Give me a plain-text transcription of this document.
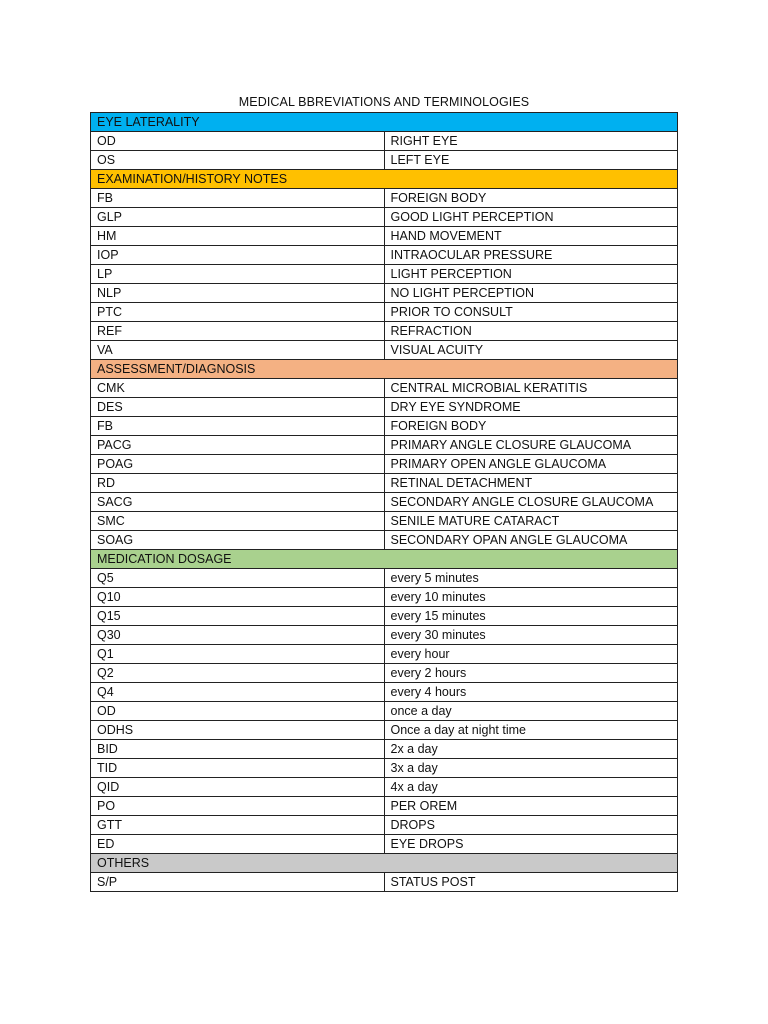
MEDICAL BBREVIATIONS AND TERMINOLOGIES
EYE LATERALITY	
OD	RIGHT EYE
OS	LEFT EYE
EXAMINATION/HISTORY NOTES	
FB	FOREIGN BODY
GLP	GOOD LIGHT PERCEPTION
HM	HAND MOVEMENT
IOP	INTRAOCULAR PRESSURE
LP	LIGHT PERCEPTION
NLP	NO LIGHT PERCEPTION
PTC	PRIOR TO CONSULT
REF	REFRACTION
VA	VISUAL ACUITY
ASSESSMENT/DIAGNOSIS	
CMK	CENTRAL MICROBIAL KERATITIS
DES	DRY EYE SYNDROME
FB	FOREIGN BODY
PACG	PRIMARY ANGLE CLOSURE GLAUCOMA
POAG	PRIMARY OPEN ANGLE GLAUCOMA
RD	RETINAL DETACHMENT
SACG	SECONDARY ANGLE CLOSURE GLAUCOMA
SMC	SENILE MATURE CATARACT
SOAG	SECONDARY OPAN ANGLE GLAUCOMA
MEDICATION DOSAGE	
Q5	every 5 minutes
Q10	every 10 minutes
Q15	every 15 minutes
Q30	every 30 minutes
Q1	every hour
Q2	every 2 hours
Q4	every 4 hours
OD	once a day
ODHS	Once a day at night time
BID	2x a day
TID	3x a day
QID	4x a day
PO	PER OREM
GTT	DROPS
ED	EYE DROPS
OTHERS	
S/P	STATUS POST
